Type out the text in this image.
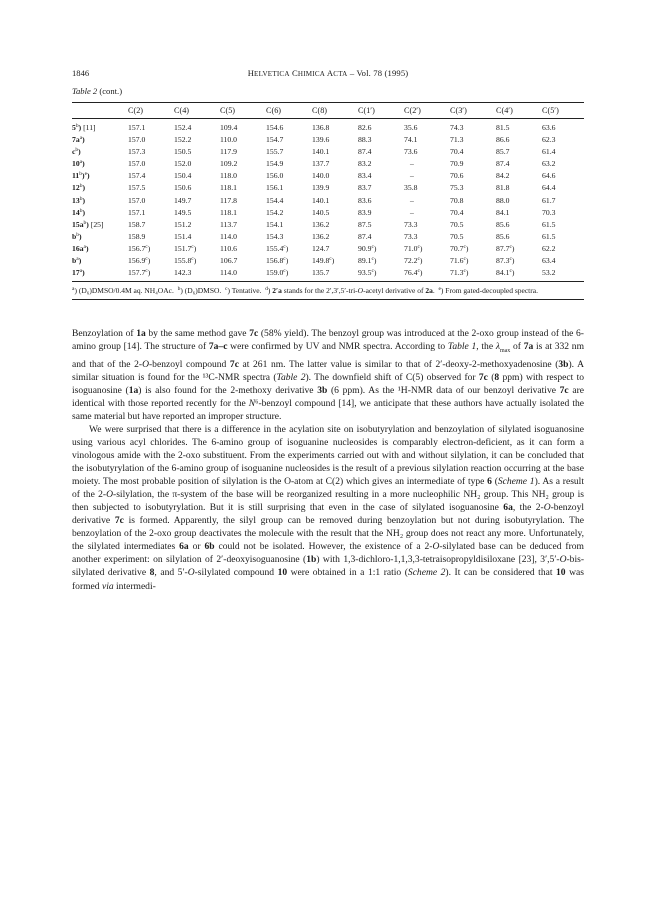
1846	HELVETICA CHIMICA ACTA – Vol. 78 (1995)
Table 2 (cont.)
	C(2)	C(4)	C(5)	C(6)	C(8)	C(1′)	C(2′)	C(3′)	C(4′)	C(5′)
5$^b$) [11]	157.1	152.4	109.4	154.6	136.8	82.6	35.6	74.3	81.5	63.6
$7a^a$)	157.0	152.2	110.0	154.7	139.6	88.3	74.1	71.3	86.6	62.3
$c^b$)	157.3	150.5	117.9	155.7	140.1	87.4	73.6	70.4	85.7	61.4
10$^a$)	157.0	152.0	109.2	154.9	137.7	83.2	–	70.9	87.4	63.2
11$^b$)$^e$)	157.4	150.4	118.0	156.0	140.0	83.4	–	70.6	84.2	64.6
12$^b$)	157.5	150.6	118.1	156.1	139.9	83.7	35.8	75.3	81.8	64.4
13$^b$)	157.0	149.7	117.8	154.4	140.1	83.6	–	70.8	88.0	61.7
14$^b$)	157.1	149.5	118.1	154.2	140.5	83.9	–	70.4	84.1	70.3
$15a^b$) [25]	158.7	151.2	113.7	154.1	136.2	87.5	73.3	70.5	85.6	61.5
$b^b$)	158.9	151.4	114.0	154.3	136.2	87.4	73.3	70.5	85.6	61.5
$16a^a$)	156.7$^c$)	151.7$^c$)	110.6	155.4$^c$)	124.7	90.9$^c$)	71.0$^c$)	70.7$^c$)	87.7$^c$)	62.2
$b^a$)	156.9$^c$)	155.8$^c$)	106.7	156.8$^c$)	149.8$^c$)	89.1$^c$)	72.2$^c$)	71.6$^c$)	87.3$^c$)	63.4
17$^a$)	157.7$^c$)	142.3	114.0	159.0$^c$)	135.7	93.5$^c$)	76.4$^c$)	71.3$^c$)	84.1$^c$)	53.2
$^a$) (D₆)DMSO/0.4M aq. NH₄OAc. $^b$) (D₆)DMSO. $^c$) Tentative. $^d$) 2′a stands for the 2′,3′,5′-tri-O-acetyl derivative of 2a. $^e$) From gated-decoupled spectra.

Benzoylation of 1a by the same method gave 7c (58% yield). The benzoyl group was introduced at the 2-oxo group instead of the 6-amino group [14]. The structure of 7a–c were confirmed by UV and NMR spectra. According to Table 1, the $\lambda_{max}$ of 7a is at 332 nm and that of the 2-O-benzoyl compound 7c at 261 nm. The latter value is similar to that of 2′-deoxy-2-methoxyadenosine (3b). A similar situation is found for the ¹³C-NMR spectra (Table 2). The downfield shift of C(5) observed for 7c (8 ppm) with respect to isoguanosine (1a) is also found for the 2-methoxy derivative 3b (6 ppm). As the ¹H-NMR data of our benzoyl derivative 7c are identical with those reported recently for the N⁶-benzoyl compound [14], we anticipate that these authors have actually isolated the same material but have reported an improper structure.

We were surprised that there is a difference in the acylation site on isobutyrylation and benzoylation of silylated isoguanosine using various acyl chlorides. The 6-amino group of isoguanine nucleosides is comparably electron-deficient, as it can form a vinologous amide with the 2-oxo substituent. From the experiments carried out with and without silylation, it can be concluded that the isobutyrylation of the 6-amino group of isoguanine nucleosides is the result of a previous silylation reaction occurring at the base moiety. The most probable position of silylation is the O-atom at C(2) which gives an intermediate of type 6 (Scheme 1). As a result of the 2-O-silylation, the π-system of the base will be reorganized resulting in a more nucleophilic NH₂ group. This NH₂ group is then subjected to isobutyrylation. But it is still surprising that even in the case of silylated isoguanosine 6a, the 2-O-benzoyl derivative 7c is formed. Apparently, the silyl group can be removed during benzoylation but not during isobutyrylation. The benzoylation of the 2-oxo group deactivates the molecule with the result that the NH₂ group does not react any more. Unfortunately, the silylated intermediates 6a or 6b could not be isolated. However, the existence of a 2-O-silylated base can be deduced from another experiment: on silylation of 2′-deoxyisoguanosine (1b) with 1,3-dichloro-1,1,3,3-tetraisopropyldisiloxane [23], 3′,5′-O-bis-silylated derivative 8, and 5′-O-silylated compound 10 were obtained in a 1:1 ratio (Scheme 2). It can be considered that 10 was formed via intermedi-
